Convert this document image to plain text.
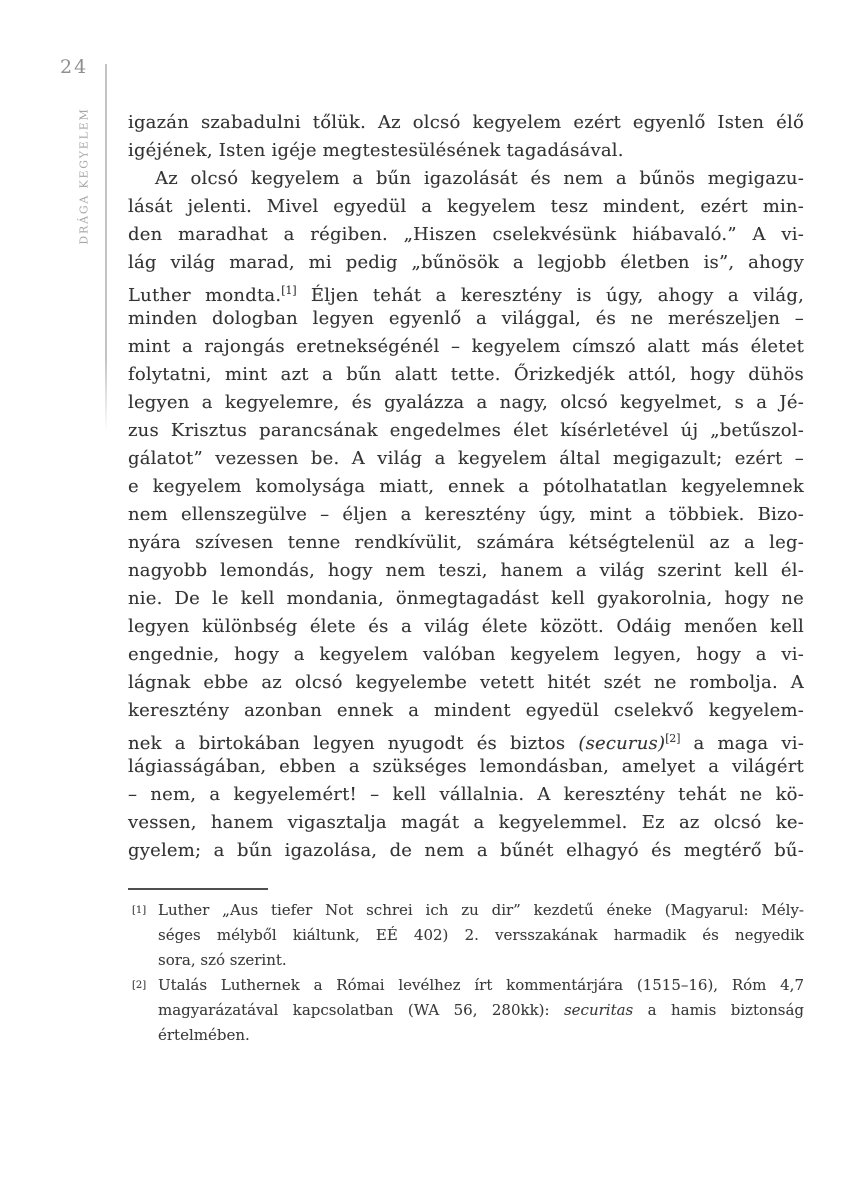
24
DRÁGA KEGYELEM igazán szabadulni tőlük. Az olcsó kegyelem ezért egyenlő Isten élő
igéjének, Isten igéje megtestesülésének tagadásával.
Az olcsó kegyelem a bűn igazolását és nem a bűnös megigazu-
lását jelenti. Mivel egyedül a kegyelem tesz mindent, ezért min-
den maradhat a régiben. „Hiszen cselekvésünk hiábavaló.” A vi-
lág világ marad, mi pedig „bűnösök a legjobb életben is”, ahogy
Luther mondta.[1] Éljen tehát a keresztény is úgy, ahogy a világ,
minden dologban legyen egyenlő a világgal, és ne merészeljen –
mint a rajongás eretnekségénél – kegyelem címszó alatt más életet
folytatni, mint azt a bűn alatt tette. Őrizkedjék attól, hogy dühös
legyen a kegyelemre, és gyalázza a nagy, olcsó kegyelmet, s a Jé-
zus Krisztus parancsának engedelmes élet kísérletével új „betűszol-
gálatot” vezessen be. A világ a kegyelem által megigazult; ezért –
e kegyelem komolysága miatt, ennek a pótolhatatlan kegyelemnek
nem ellenszegülve – éljen a keresztény úgy, mint a többiek. Bizo-
nyára szívesen tenne rendkívülit, számára kétségtelenül az a leg-
nagyobb lemondás, hogy nem teszi, hanem a világ szerint kell él-
nie. De le kell mondania, önmegtagadást kell gyakorolnia, hogy ne
legyen különbség élete és a világ élete között. Odáig menően kell
engednie, hogy a kegyelem valóban kegyelem legyen, hogy a vi-
lágnak ebbe az olcsó kegyelembe vetett hitét szét ne rombolja. A
keresztény azonban ennek a mindent egyedül cselekvő kegyelem-
nek a birtokában legyen nyugodt és biztos (securus)[2] a maga vi-
lágiasságában, ebben a szükséges lemondásban, amelyet a világért
– nem, a kegyelemért! – kell vállalnia. A keresztény tehát ne kö-
vessen, hanem vigasztalja magát a kegyelemmel. Ez az olcsó ke-
gyelem; a bűn igazolása, de nem a bűnét elhagyó és megtérő bű-
[1] Luther „Aus tiefer Not schrei ich zu dir” kezdetű éneke (Magyarul: Mély-
séges mélyből kiáltunk, EÉ 402) 2. versszakának harmadik és negyedik
sora, szó szerint.
[2] Utalás Luthernek a Római levélhez írt kommentárjára (1515–16), Róm 4,7
magyarázatával kapcsolatban (WA 56, 280kk): securitas a hamis biztonság
értelmében.
